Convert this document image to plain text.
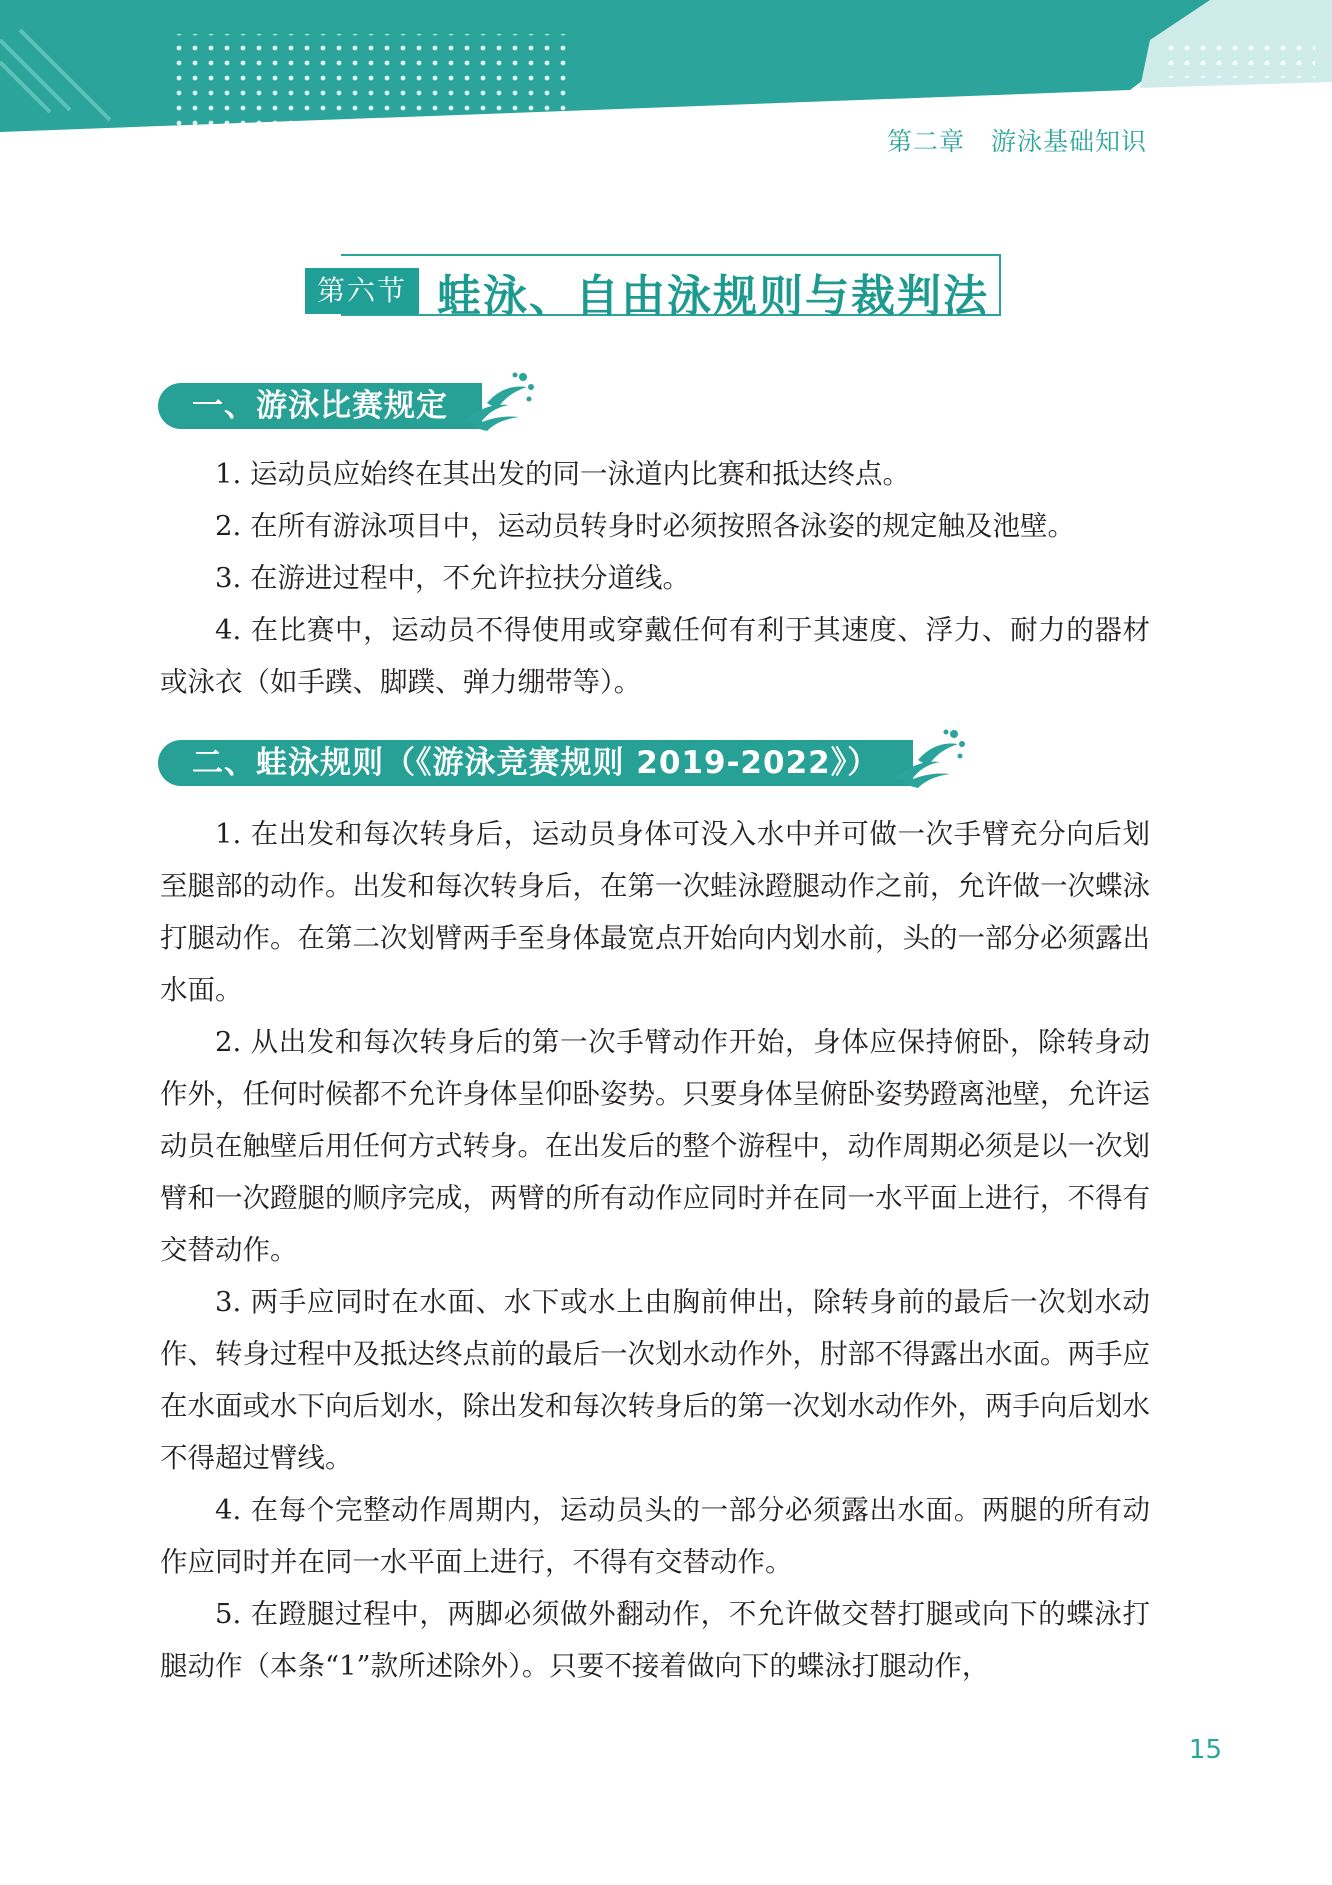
第二章 游泳基础知识
第六节 蛙泳、自由泳规则与裁判法
一、游泳比赛规定

1. 运动员应始终在其出发的同一泳道内比赛和抵达终点。

2. 在所有游泳项目中，运动员转身时必须按照各泳姿的规定触及池壁。

3. 在游进过程中，不允许拉扶分道线。

4. 在比赛中，运动员不得使用或穿戴任何有利于其速度、浮力、耐力的器材或泳衣（如手蹼、脚蹼、弹力绷带等）。

二、蛙泳规则（《游泳竞赛规则 2019-2022》）

1. 在出发和每次转身后，运动员身体可没入水中并可做一次手臂充分向后划至腿部的动作。出发和每次转身后，在第一次蛙泳蹬腿动作之前，允许做一次蝶泳打腿动作。在第二次划臂两手至身体最宽点开始向内划水前，头的一部分必须露出水面。

2. 从出发和每次转身后的第一次手臂动作开始，身体应保持俯卧，除转身动作外，任何时候都不允许身体呈仰卧姿势。只要身体呈俯卧姿势蹬离池壁，允许运动员在触壁后用任何方式转身。在出发后的整个游程中，动作周期必须是以一次划臂和一次蹬腿的顺序完成，两臂的所有动作应同时并在同一水平面上进行，不得有交替动作。

3. 两手应同时在水面、水下或水上由胸前伸出，除转身前的最后一次划水动作、转身过程中及抵达终点前的最后一次划水动作外，肘部不得露出水面。两手应在水面或水下向后划水，除出发和每次转身后的第一次划水动作外，两手向后划水不得超过臂线。

4. 在每个完整动作周期内，运动员头的一部分必须露出水面。两腿的所有动作应同时并在同一水平面上进行，不得有交替动作。

5. 在蹬腿过程中，两脚必须做外翻动作，不允许做交替打腿或向下的蝶泳打腿动作（本条“1”款所述除外）。只要不接着做向下的蝶泳打腿动作，

15
